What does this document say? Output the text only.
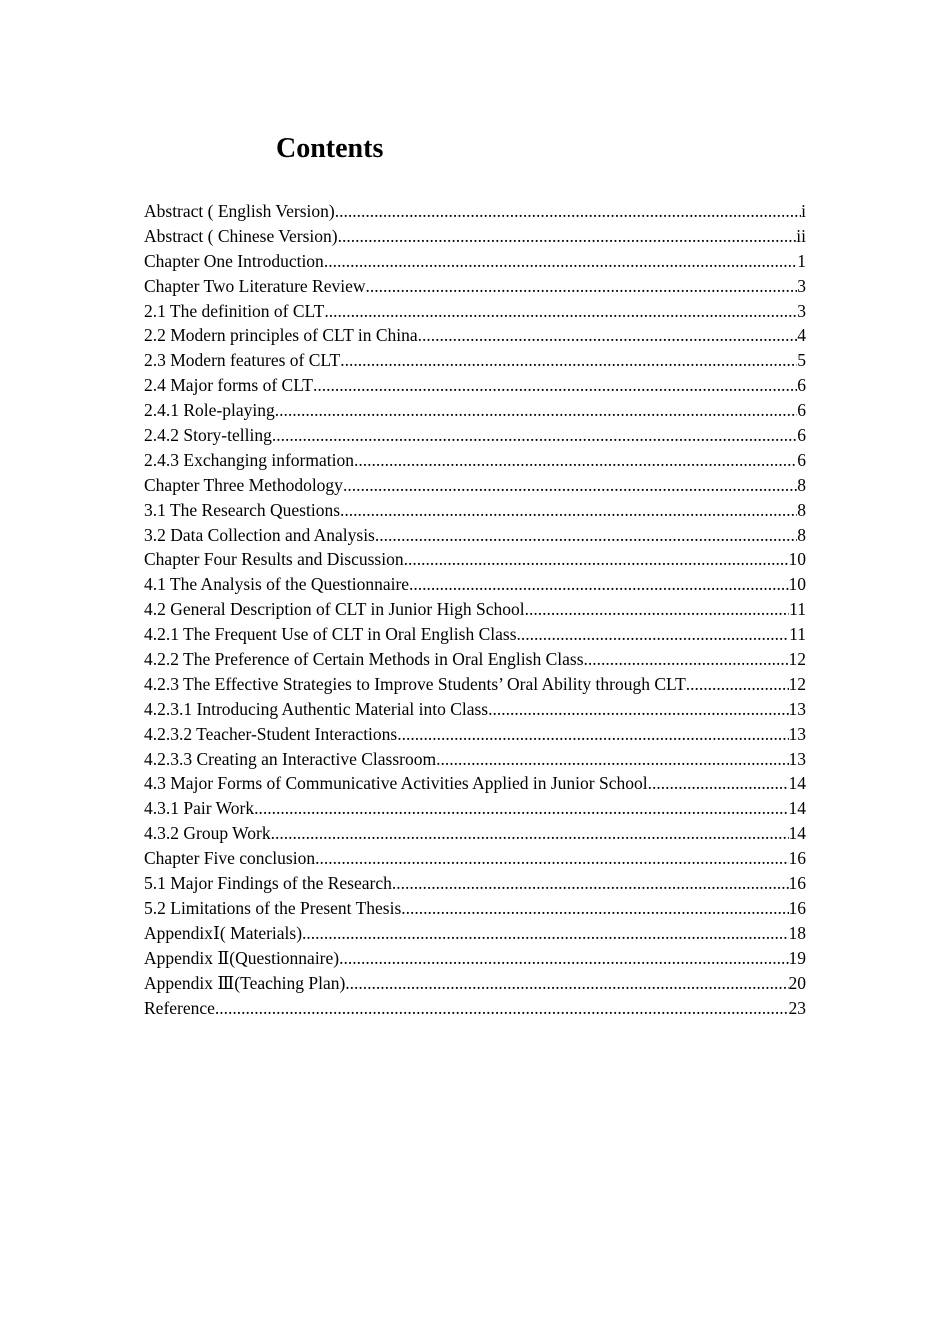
Contents
Abstract ( English Version) .....	i
Abstract ( Chinese Version) .....	ii
Chapter One Introduction .....	1
Chapter Two Literature Review .....	3
2.1 The definition of CLT .....	3
2.2 Modern principles of CLT in China .....	4
2.3 Modern features of CLT .....	5
2.4 Major forms of CLT .....	6
2.4.1 Role-playing .....	6
2.4.2 Story-telling .....	6
2.4.3 Exchanging information .....	6
Chapter Three Methodology .....	8
3.1 The Research Questions .....	8
3.2 Data Collection and Analysis .....	8
Chapter Four Results and Discussion .....	10
4.1 The Analysis of the Questionnaire .....	10
4.2 General Description of CLT in Junior High School .....	11
4.2.1 The Frequent Use of CLT in Oral English Class .....	11
4.2.2 The Preference of Certain Methods in Oral English Class .....	12
4.2.3 The Effective Strategies to Improve Students’ Oral Ability through CLT .....	12
4.2.3.1 Introducing Authentic Material into Class .....	13
4.2.3.2 Teacher-Student Interactions .....	13
4.2.3.3 Creating an Interactive Classroom .....	13
4.3 Major Forms of Communicative Activities Applied in Junior School .....	14
4.3.1 Pair Work .....	14
4.3.2 Group Work .....	14
Chapter Five conclusion .....	16
5.1 Major Findings of the Research .....	16
5.2 Limitations of the Present Thesis .....	16
AppendixⅠ( Materials) .....	18
Appendix Ⅱ(Questionnaire) .....	19
Appendix Ⅲ(Teaching Plan) .....	20
Reference .....	23
